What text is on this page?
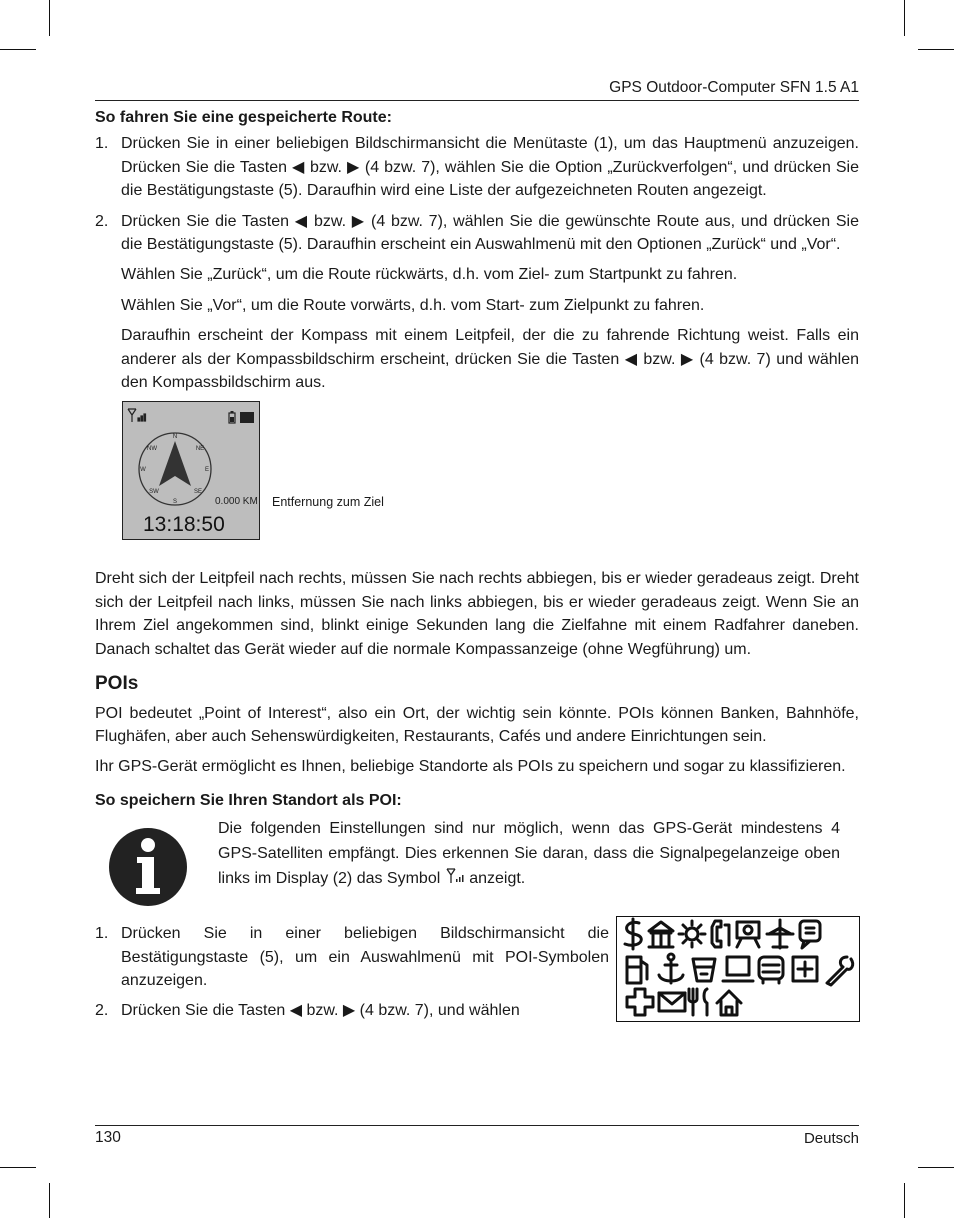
GPS Outdoor-Computer SFN 1.5 A1
So fahren Sie eine gespeicherte Route:
1. Drücken Sie in einer beliebigen Bildschirmansicht die Menütaste (1), um das Hauptmenü anzuzeigen. Drücken Sie die Tasten ◀ bzw. ▶ (4 bzw. 7), wählen Sie die Option „Zurückverfolgen“, und drücken Sie die Bestätigungstaste (5). Daraufhin wird eine Liste der aufgezeichneten Routen angezeigt.
2. Drücken Sie die Tasten ◀ bzw. ▶ (4 bzw. 7), wählen Sie die gewünschte Route aus, und drücken Sie die Bestätigungstaste (5). Daraufhin erscheint ein Auswahlmenü mit den Optionen „Zurück“ und „Vor“.
Wählen Sie „Zurück“, um die Route rückwärts, d.h. vom Ziel- zum Startpunkt zu fahren.
Wählen Sie „Vor“, um die Route vorwärts, d.h. vom Start- zum Zielpunkt zu fahren.
Daraufhin erscheint der Kompass mit einem Leitpfeil, der die zu fahrende Richtung weist. Falls ein anderer als der Kompassbildschirm erscheint, drücken Sie die Tasten ◀ bzw. ▶ (4 bzw. 7) und wählen den Kompassbildschirm aus.
N
NE
E
SE
S
SW
W
NW
0.000 KM
13:18:50
Entfernung zum Ziel

Dreht sich der Leitpfeil nach rechts, müssen Sie nach rechts abbiegen, bis er wieder geradeaus zeigt. Dreht sich der Leitpfeil nach links, müssen Sie nach links abbiegen, bis er wieder geradeaus zeigt. Wenn Sie an Ihrem Ziel angekommen sind, blinkt einige Sekunden lang die Zielfahne mit einem Radfahrer daneben. Danach schaltet das Gerät wieder auf die normale Kompassanzeige (ohne Wegführung) um.

POIs

POI bedeutet „Point of Interest“, also ein Ort, der wichtig sein könnte. POIs können Banken, Bahnhöfe, Flughäfen, aber auch Sehenswürdigkeiten, Restaurants, Cafés und andere Einrichtungen sein.

Ihr GPS-Gerät ermöglicht es Ihnen, beliebige Standorte als POIs zu speichern und sogar zu klassifizieren.

So speichern Sie Ihren Standort als POI:
Die folgenden Einstellungen sind nur möglich, wenn das GPS-Gerät mindestens 4 GPS-Satelliten empfängt. Dies erkennen Sie daran, dass die Signalpegelanzeige oben links im Display (2) das Symbol anzeigt.
1. Drücken Sie in einer beliebigen Bildschirmansicht die Bestätigungstaste (5), um ein Auswahlmenü mit POI-Symbolen anzuzeigen.
2. Drücken Sie die Tasten ◀ bzw. ▶ (4 bzw. 7), und wählen
130	Deutsch
